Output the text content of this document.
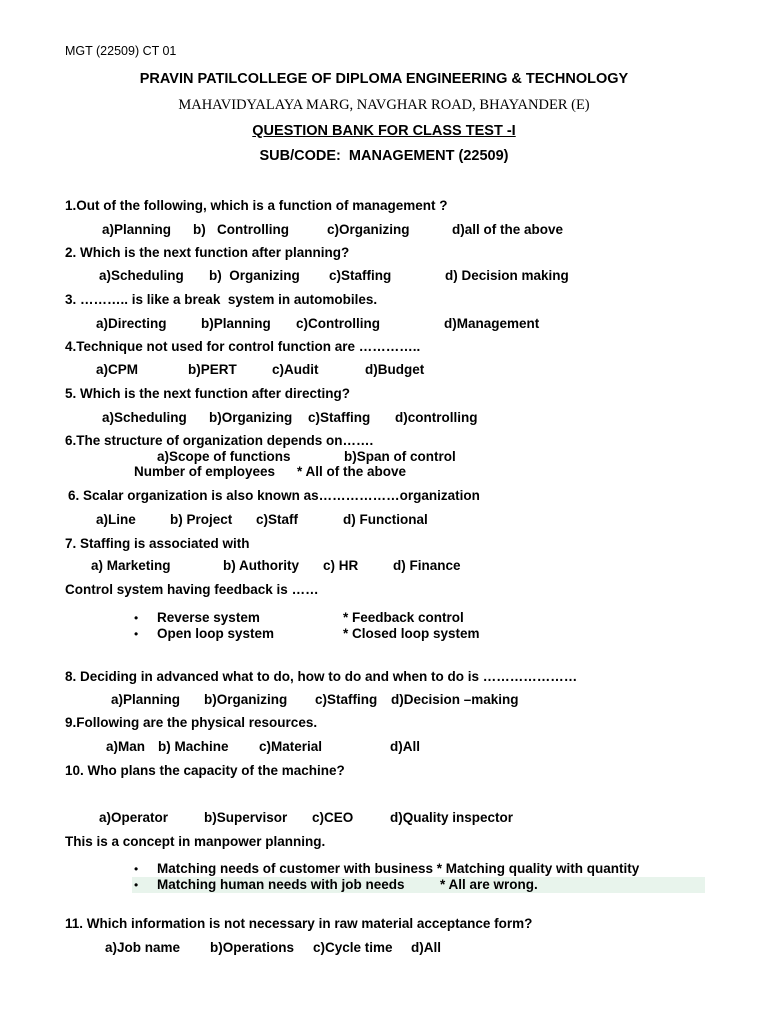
MGT (22509) CT 01
PRAVIN PATILCOLLEGE OF DIPLOMA ENGINEERING & TECHNOLOGY
MAHAVIDYALAYA MARG, NAVGHAR ROAD, BHAYANDER (E)
QUESTION BANK FOR CLASS TEST -I
SUB/CODE:  MANAGEMENT (22509)
1.Out of the following, which is a function of management ?
a)Planning b)   Controlling	c)Organizing	d)all of the above
2. Which is the next function after planning?
a)Scheduling b)  Organizing c)Staffing	d) Decision making
3. ……….. is like a break  system in automobiles.
a)Directing	b)Planning c)Controlling	d)Management
4.Technique not used for control function are …………..
a)CPM	b)PERT	c)Audit	d)Budget
5. Which is the next function after directing?
a)Scheduling b)Organizing c)Staffing d)controlling
6.The structure of organization depends on…….
a)Scope of functions	b)Span of control
Number of employees * All of the above
6. Scalar organization is also known as………………organization
a)Line	b) Project c)Staff	d) Functional
7. Staffing is associated with
a) Marketing	b) Authority c) HR	d) Finance
Control system having feedback is ……
• Reverse system	* Feedback control
• Open loop system	* Closed loop system
8. Deciding in advanced what to do, how to do and when to do is …………………
a)Planning b)Organizing c)Staffing d)Decision –making
9.Following are the physical resources.
a)Man b) Machine c)Material	d)All
10. Who plans the capacity of the machine?
a)Operator	b)Supervisor c)CEO	d)Quality inspector
This is a concept in manpower planning.
• Matching needs of customer with business * Matching quality with quantity
• Matching human needs with job needs	* All are wrong.
11. Which information is not necessary in raw material acceptance form?
a)Job name b)Operations c)Cycle time d)All
